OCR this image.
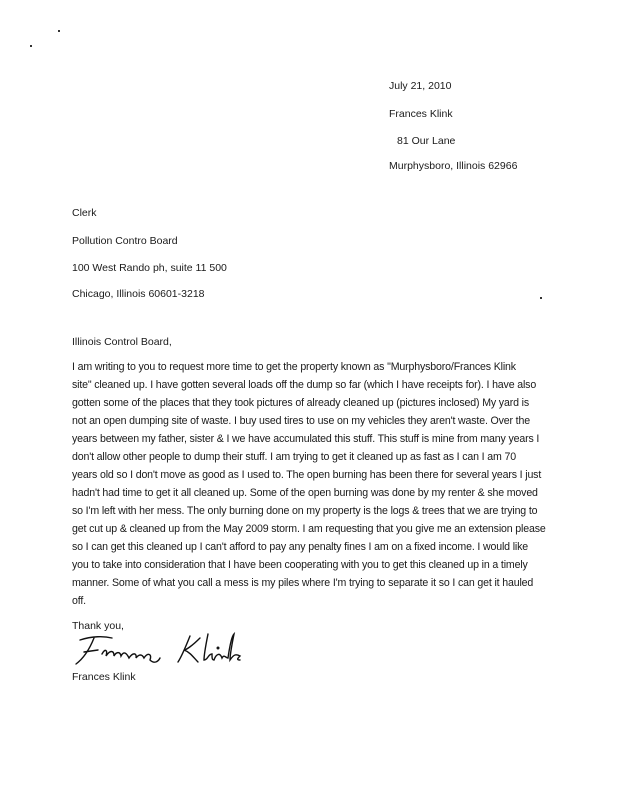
July 21, 2010
Frances Klink
81 Our Lane
Murphysboro, Illinois 62966
Clerk
Pollution Contro Board
100 West Rando ph, suite 11 500
Chicago, Illinois 60601-3218
Illinois Control Board,
I am writing to you to request more time to get the property known as "Murphysboro/Frances Klink
site" cleaned up. I have gotten several loads off the dump so far (which I have receipts for). I have also
gotten some of the places that they took pictures of already cleaned up (pictures inclosed) My yard is
not an open dumping site of waste. I buy used tires to use on my vehicles they aren't waste. Over the
years between my father, sister & I we have accumulated this stuff. This stuff is mine from many years I
don't allow other people to dump their stuff. I am trying to get it cleaned up as fast as I can I am 70
years old so I don't move as good as I used to. The open burning has been there for several years I just
hadn't had time to get it all cleaned up. Some of the open burning was done by my renter & she moved
so I'm left with her mess. The only burning done on my property is the logs & trees that we are trying to
get cut up & cleaned up from the May 2009 storm. I am requesting that you give me an extension please
so I can get this cleaned up I can't afford to pay any penalty fines I am on a fixed income. I would like
you to take into consideration that I have been cooperating with you to get this cleaned up in a timely
manner. Some of what you call a mess is my piles where I'm trying to separate it so I can get it hauled
off.
Thank you,
Frances Klink
